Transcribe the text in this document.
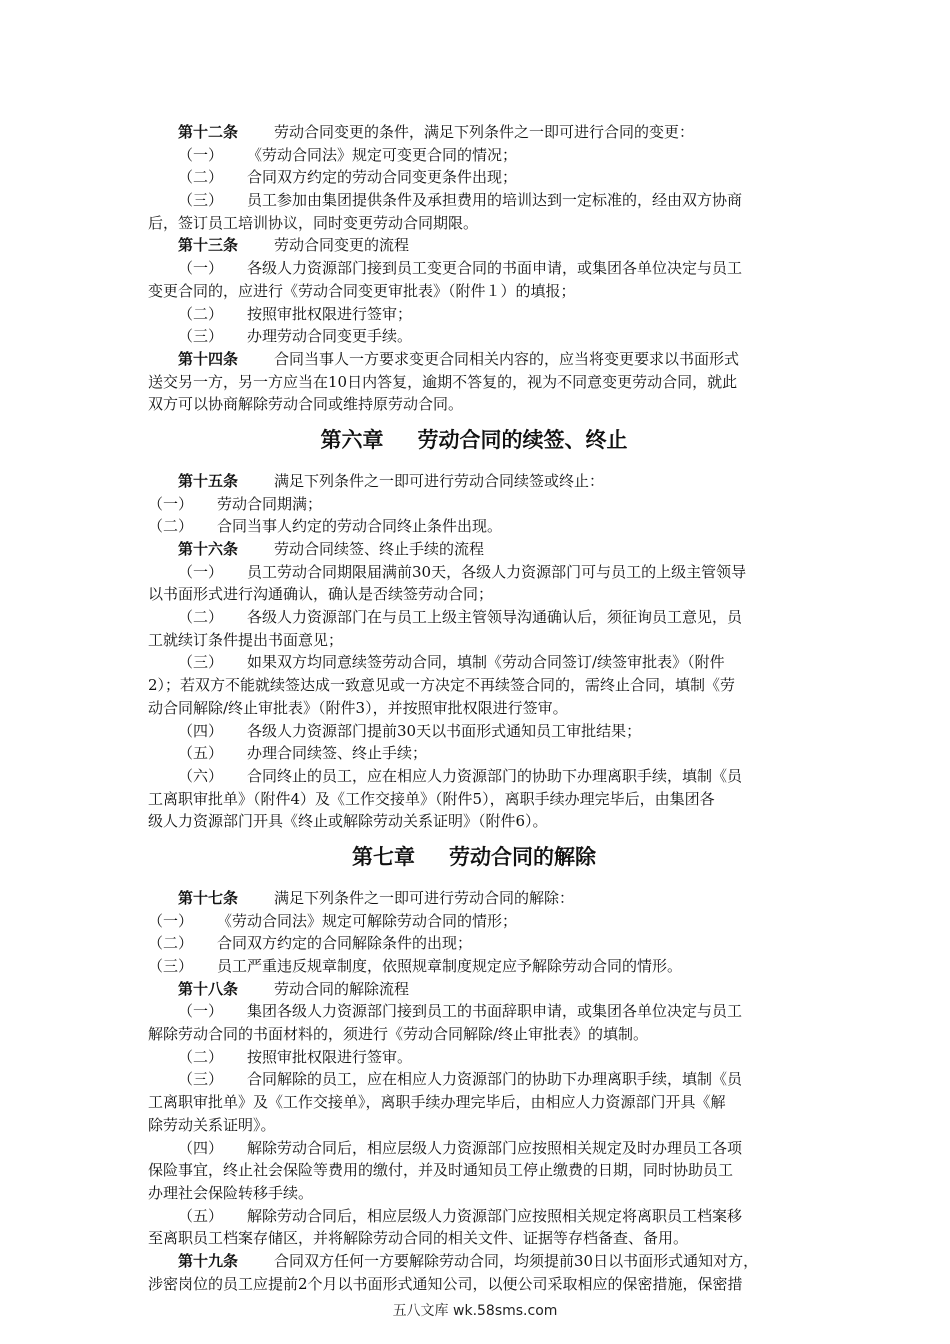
第十二条 劳动合同变更的条件，满足下列条件之一即可进行合同的变更：
（一） 《劳动合同法》规定可变更合同的情况；
（二） 合同双方约定的劳动合同变更条件出现；
（三） 员工参加由集团提供条件及承担费用的培训达到一定标准的，经由双方协商
后，签订员工培训协议，同时变更劳动合同期限。
第十三条 劳动合同变更的流程
（一） 各级人力资源部门接到员工变更合同的书面申请，或集团各单位决定与员工
变更合同的，应进行《劳动合同变更审批表》（附件１）的填报；
（二） 按照审批权限进行签审；
（三） 办理劳动合同变更手续。
第十四条 合同当事人一方要求变更合同相关内容的，应当将变更要求以书面形式
送交另一方，另一方应当在10日内答复，逾期不答复的，视为不同意变更劳动合同，就此
双方可以协商解除劳动合同或维持原劳动合同。
第六章 劳动合同的续签、终止
第十五条 满足下列条件之一即可进行劳动合同续签或终止：
（一） 劳动合同期满；
（二） 合同当事人约定的劳动合同终止条件出现。
第十六条 劳动合同续签、终止手续的流程
（一） 员工劳动合同期限届满前30天，各级人力资源部门可与员工的上级主管领导
以书面形式进行沟通确认，确认是否续签劳动合同；
（二） 各级人力资源部门在与员工上级主管领导沟通确认后，须征询员工意见，员
工就续订条件提出书面意见；
（三） 如果双方均同意续签劳动合同，填制《劳动合同签订/续签审批表》（附件
2）；若双方不能就续签达成一致意见或一方决定不再续签合同的，需终止合同，填制《劳
动合同解除/终止审批表》（附件3），并按照审批权限进行签审。
（四） 各级人力资源部门提前30天以书面形式通知员工审批结果；
（五） 办理合同续签、终止手续；
（六） 合同终止的员工，应在相应人力资源部门的协助下办理离职手续，填制《员
工离职审批单》（附件4）及《工作交接单》（附件5），离职手续办理完毕后，由集团各
级人力资源部门开具《终止或解除劳动关系证明》（附件6）。
第七章 劳动合同的解除
第十七条 满足下列条件之一即可进行劳动合同的解除：
（一） 《劳动合同法》规定可解除劳动合同的情形；
（二） 合同双方约定的合同解除条件的出现；
（三） 员工严重违反规章制度，依照规章制度规定应予解除劳动合同的情形。
第十八条 劳动合同的解除流程
（一） 集团各级人力资源部门接到员工的书面辞职申请，或集团各单位决定与员工
解除劳动合同的书面材料的，须进行《劳动合同解除/终止审批表》的填制。
（二） 按照审批权限进行签审。
（三） 合同解除的员工，应在相应人力资源部门的协助下办理离职手续，填制《员
工离职审批单》及《工作交接单》，离职手续办理完毕后，由相应人力资源部门开具《解
除劳动关系证明》。
（四） 解除劳动合同后，相应层级人力资源部门应按照相关规定及时办理员工各项
保险事宜，终止社会保险等费用的缴付，并及时通知员工停止缴费的日期，同时协助员工
办理社会保险转移手续。
（五） 解除劳动合同后，相应层级人力资源部门应按照相关规定将离职员工档案移
至离职员工档案存储区，并将解除劳动合同的相关文件、证据等存档备查、备用。
第十九条 合同双方任何一方要解除劳动合同，均须提前30日以书面形式通知对方，
涉密岗位的员工应提前2个月以书面形式通知公司，以便公司采取相应的保密措施，保密措
五八文库 wk.58sms.com
